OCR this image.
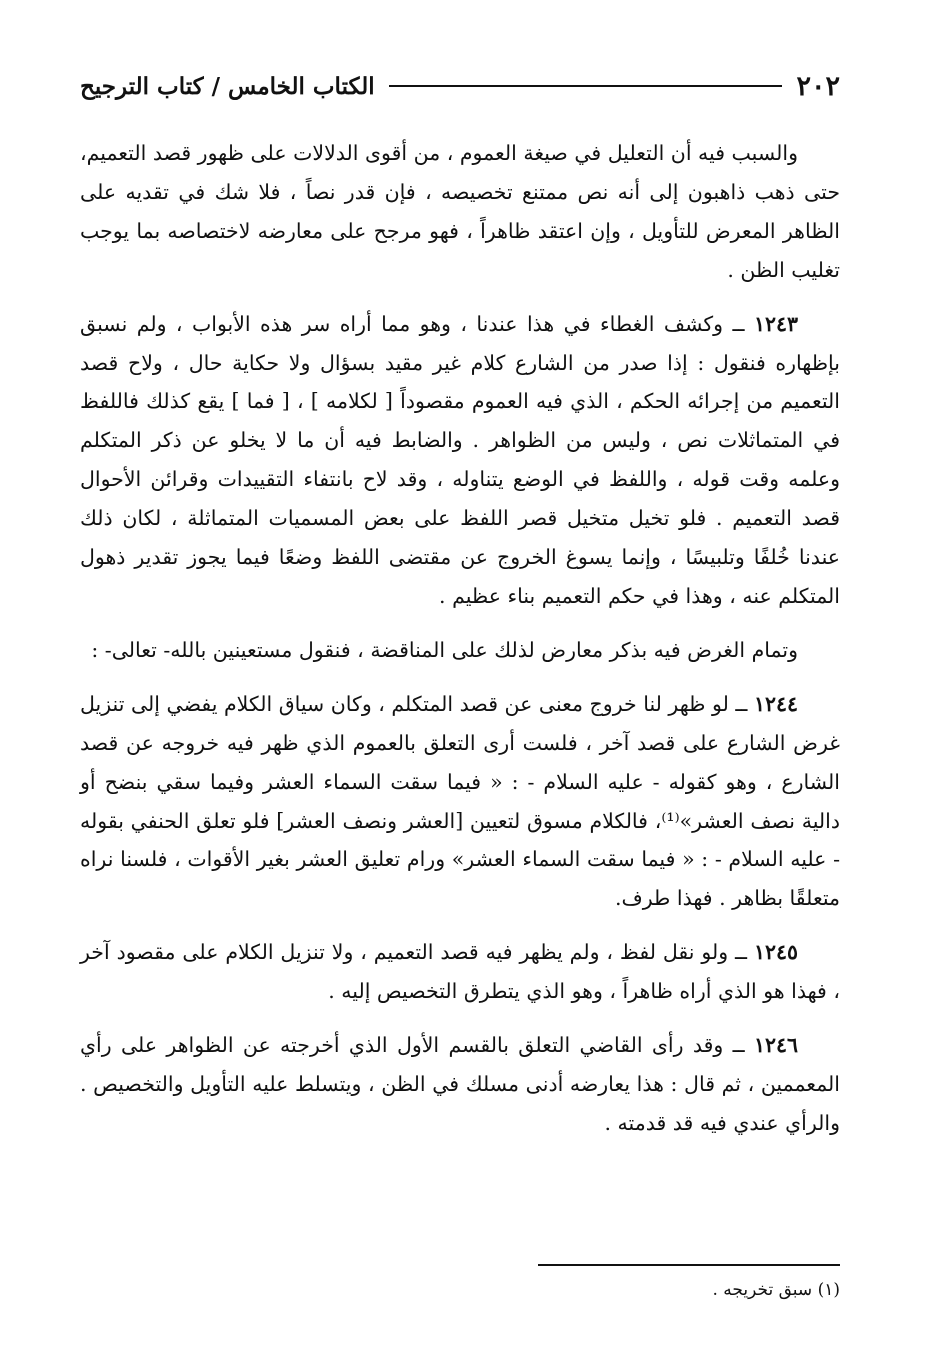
٢٠٢
الكتاب الخامس / كتاب الترجيح

والسبب فيه أن التعليل في صيغة العموم ، من أقوى الدلالات على ظهور قصد التعميم، حتى ذهب ذاهبون إلى أنه نص ممتنع تخصيصه ، فإن قدر نصاً ، فلا شك في تقديه على الظاهر المعرض للتأويل ، وإن اعتقد ظاهراً ، فهو مرجح على معارضه لاختصاصه بما يوجب تغليب الظن .

١٢٤٣ ــ وكشف الغطاء في هذا عندنا ، وهو مما أراه سر هذه الأبواب ، ولم نسبق بإظهاره فنقول : إذا صدر من الشارع كلام غير مقيد بسؤال ولا حكاية حال ، ولاح قصد التعميم من إجرائه الحكم ، الذي فيه العموم مقصوداً [ لكلامه ] ، [ فما ] يقع كذلك فاللفظ في المتماثلات نص ، وليس من الظواهر . والضابط فيه أن ما لا يخلو عن ذكر المتكلم وعلمه وقت قوله ، واللفظ في الوضع يتناوله ، وقد لاح بانتفاء التقييدات وقرائن الأحوال قصد التعميم . فلو تخيل متخيل قصر اللفظ على بعض المسميات المتماثلة ، لكان ذلك عندنا خُلفًا وتلبيسًا ، وإنما يسوغ الخروج عن مقتضى اللفظ وضعًا فيما يجوز تقدير ذهول المتكلم عنه ، وهذا في حكم التعميم بناء عظيم .

وتمام الغرض فيه بذكر معارض لذلك على المناقضة ، فنقول مستعينين بالله- تعالى- :

١٢٤٤ ــ لو ظهر لنا خروج معنى عن قصد المتكلم ، وكان سياق الكلام يفضي إلى تنزيل غرض الشارع على قصد آخر ، فلست أرى التعلق بالعموم الذي ظهر فيه خروجه عن قصد الشارع ، وهو كقوله - عليه السلام - : « فيما سقت السماء العشر وفيما سقي بنضح أو دالية نصف العشر»⁽¹⁾، فالكلام مسوق لتعيين [العشر ونصف العشر] فلو تعلق الحنفي بقوله - عليه السلام - : « فيما سقت السماء العشر» ورام تعليق العشر بغير الأقوات ، فلسنا نراه متعلقًا بظاهر . فهذا طرف.

١٢٤٥ ــ ولو نقل لفظ ، ولم يظهر فيه قصد التعميم ، ولا تنزيل الكلام على مقصود آخر ، فهذا هو الذي أراه ظاهراً ، وهو الذي يتطرق التخصيص إليه .

١٢٤٦ ــ وقد رأى القاضي التعلق بالقسم الأول الذي أخرجته عن الظواهر على رأي المعممين ، ثم قال : هذا يعارضه أدنى مسلك في الظن ، ويتسلط عليه التأويل والتخصيص . والرأي عندي فيه قد قدمته .

(١) سبق تخريجه .
